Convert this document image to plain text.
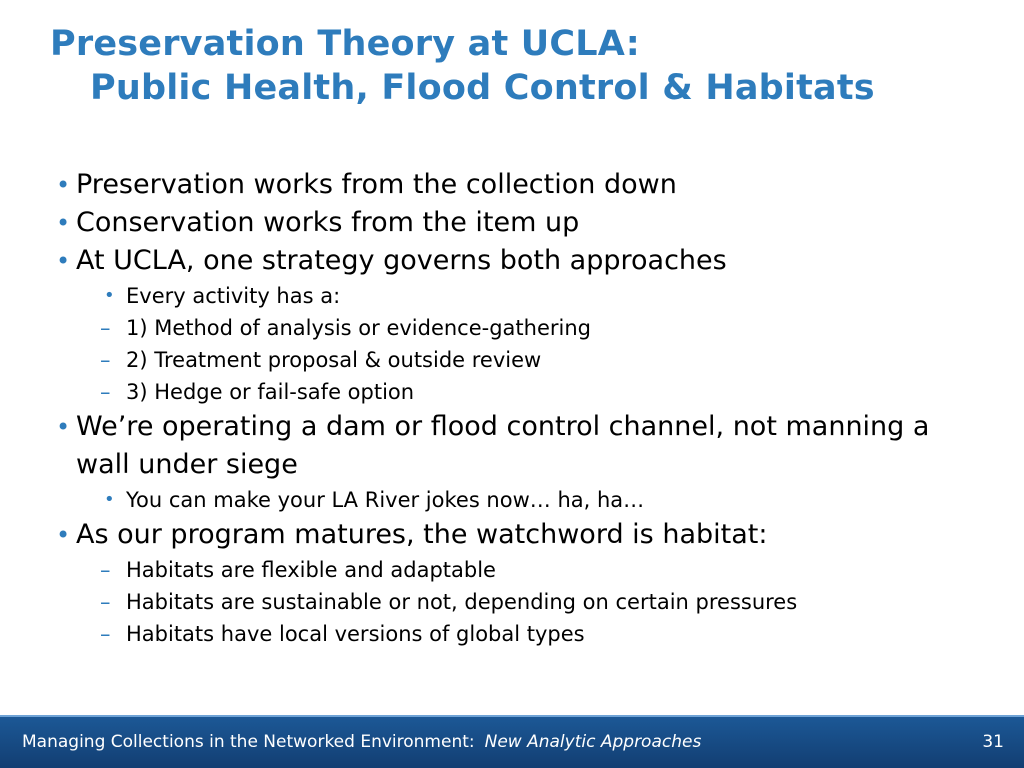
Preservation Theory at UCLA:
Public Health, Flood Control & Habitats

• Preservation works from the collection down

• Conservation works from the item up

• At UCLA, one strategy governs both approaches

• Every activity has a:

– 1) Method of analysis or evidence-gathering

– 2) Treatment proposal & outside review

– 3) Hedge or fail-safe option

• We’re operating a dam or flood control channel, not manning a wall under siege

• You can make your LA River jokes now… ha, ha…

• As our program matures, the watchword is habitat:

– Habitats are flexible and adaptable

– Habitats are sustainable or not, depending on certain pressures

– Habitats have local versions of global types

Managing Collections in the Networked Environment: New Analytic Approaches	31
